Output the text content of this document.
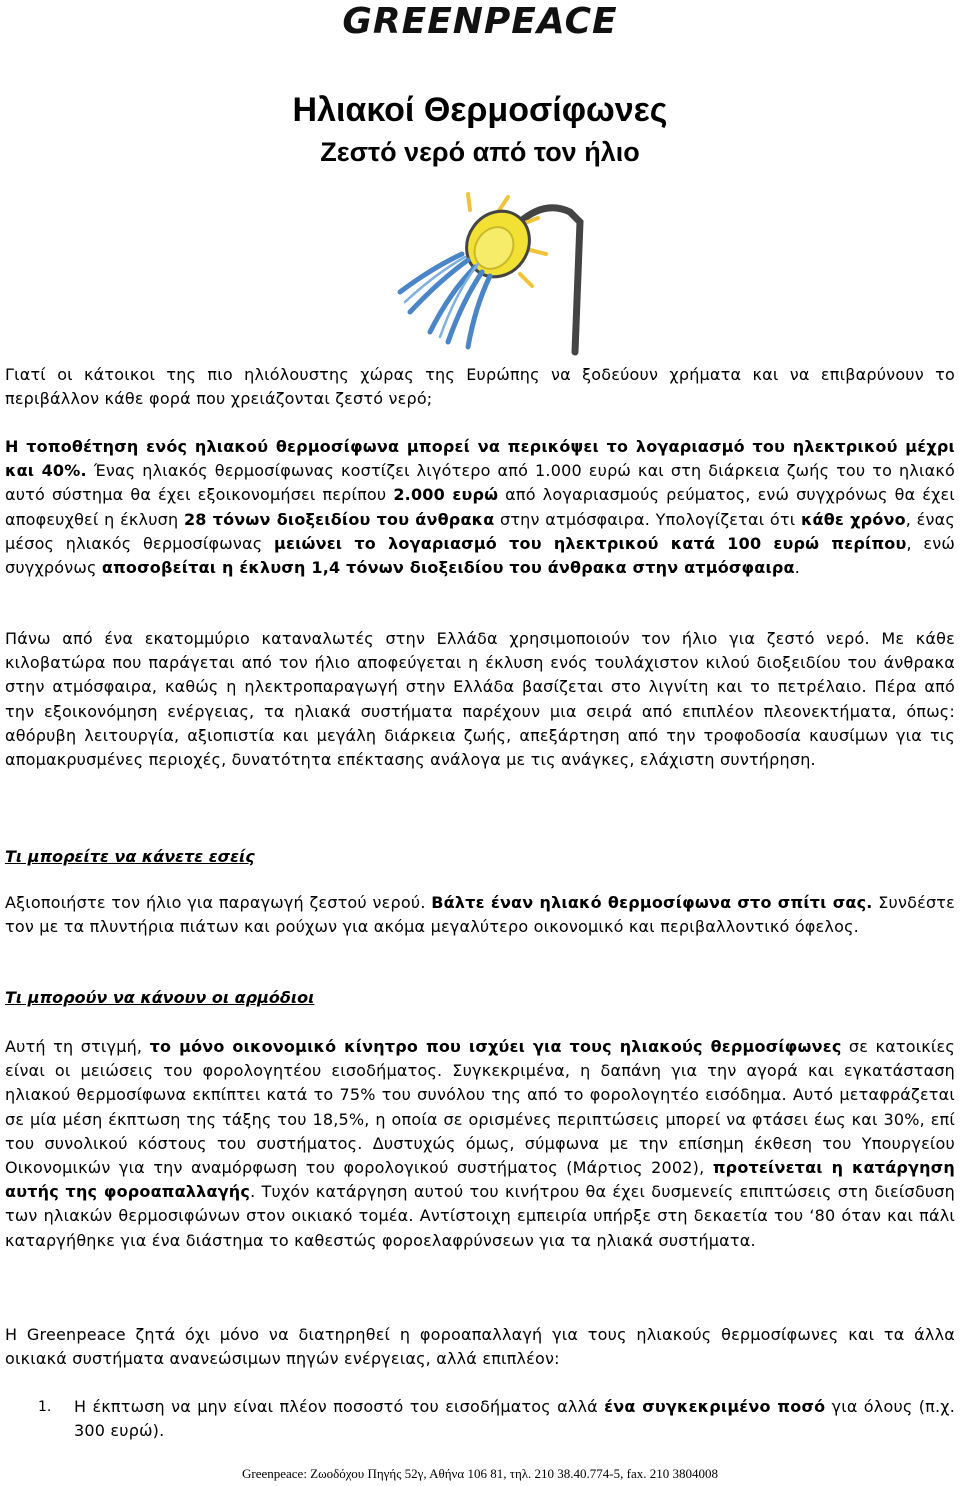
GREENPEACE
Ηλιακοί Θερμοσίφωνες
Ζεστό νερό από τον ήλιο

Γιατί οι κάτοικοι της πιο ηλιόλουστης χώρας της Ευρώπης να ξοδεύουν χρήματα και να επιβαρύνουν το περιβάλλον κάθε φορά που χρειάζονται ζεστό νερό;

Η τοποθέτηση ενός ηλιακού θερμοσίφωνα μπορεί να περικόψει το λογαριασμό του ηλεκτρικού μέχρι και 40%. Ένας ηλιακός θερμοσίφωνας κοστίζει λιγότερο από 1.000 ευρώ και στη διάρκεια ζωής του το ηλιακό αυτό σύστημα θα έχει εξοικονομήσει περίπου 2.000 ευρώ από λογαριασμούς ρεύματος, ενώ συγχρόνως θα έχει αποφευχθεί η έκλυση 28 τόνων διοξειδίου του άνθρακα στην ατμόσφαιρα. Υπολογίζεται ότι κάθε χρόνο, ένας μέσος ηλιακός θερμοσίφωνας μειώνει το λογαριασμό του ηλεκτρικού κατά 100 ευρώ περίπου, ενώ συγχρόνως αποσοβείται η έκλυση 1,4 τόνων διοξειδίου του άνθρακα στην ατμόσφαιρα.

Πάνω από ένα εκατομμύριο καταναλωτές στην Ελλάδα χρησιμοποιούν τον ήλιο για ζεστό νερό. Με κάθε κιλοβατώρα που παράγεται από τον ήλιο αποφεύγεται η έκλυση ενός τουλάχιστον κιλού διοξειδίου του άνθρακα στην ατμόσφαιρα, καθώς η ηλεκτροπαραγωγή στην Ελλάδα βασίζεται στο λιγνίτη και το πετρέλαιο. Πέρα από την εξοικονόμηση ενέργειας, τα ηλιακά συστήματα παρέχουν μια σειρά από επιπλέον πλεονεκτήματα, όπως: αθόρυβη λειτουργία, αξιοπιστία και μεγάλη διάρκεια ζωής, απεξάρτηση από την τροφοδοσία καυσίμων για τις απομακρυσμένες περιοχές, δυνατότητα επέκτασης ανάλογα με τις ανάγκες, ελάχιστη συντήρηση.

Τι μπορείτε να κάνετε εσείς

Αξιοποιήστε τον ήλιο για παραγωγή ζεστού νερού. Βάλτε έναν ηλιακό θερμοσίφωνα στο σπίτι σας. Συνδέστε τον με τα πλυντήρια πιάτων και ρούχων για ακόμα μεγαλύτερο οικονομικό και περιβαλλοντικό όφελος.

Τι μπορούν να κάνουν οι αρμόδιοι

Αυτή τη στιγμή, το μόνο οικονομικό κίνητρο που ισχύει για τους ηλιακούς θερμοσίφωνες σε κατοικίες είναι οι μειώσεις του φορολογητέου εισοδήματος. Συγκεκριμένα, η δαπάνη για την αγορά και εγκατάσταση ηλιακού θερμοσίφωνα εκπίπτει κατά το 75% του συνόλου της από το φορολογητέο εισόδημα. Αυτό μεταφράζεται σε μία μέση έκπτωση της τάξης του 18,5%, η οποία σε ορισμένες περιπτώσεις μπορεί να φτάσει έως και 30%, επί του συνολικού κόστους του συστήματος. Δυστυχώς όμως, σύμφωνα με την επίσημη έκθεση του Υπουργείου Οικονομικών για την αναμόρφωση του φορολογικού συστήματος (Μάρτιος 2002), προτείνεται η κατάργηση αυτής της φοροαπαλλαγής. Τυχόν κατάργηση αυτού του κινήτρου θα έχει δυσμενείς επιπτώσεις στη διείσδυση των ηλιακών θερμοσιφώνων στον οικιακό τομέα. Αντίστοιχη εμπειρία υπήρξε στη δεκαετία του ‘80 όταν και πάλι καταργήθηκε για ένα διάστημα το καθεστώς φοροελαφρύνσεων για τα ηλιακά συστήματα.

Η Greenpeace ζητά όχι μόνο να διατηρηθεί η φοροαπαλλαγή για τους ηλιακούς θερμοσίφωνες και τα άλλα οικιακά συστήματα ανανεώσιμων πηγών ενέργειας, αλλά επιπλέον:

1. Η έκπτωση να μην είναι πλέον ποσοστό του εισοδήματος αλλά ένα συγκεκριμένο ποσό για όλους (π.χ. 300 ευρώ).

Greenpeace: Ζωοδόχου Πηγής 52γ, Αθήνα 106 81, τηλ. 210 38.40.774-5, fax. 210 3804008
